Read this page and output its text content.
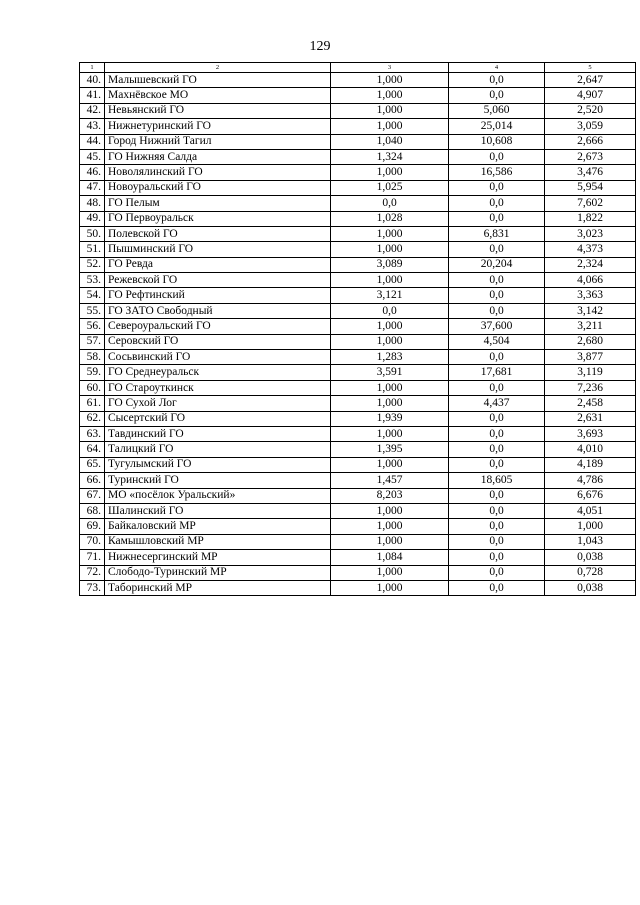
129
1	2	3	4	5
40.	Малышевский ГО	1,000	0,0	2,647
41.	Махнёвское МО	1,000	0,0	4,907
42.	Невьянский ГО	1,000	5,060	2,520
43.	Нижнетуринский ГО	1,000	25,014	3,059
44.	Город Нижний Тагил	1,040	10,608	2,666
45.	ГО Нижняя Салда	1,324	0,0	2,673
46.	Новолялинский ГО	1,000	16,586	3,476
47.	Новоуральский ГО	1,025	0,0	5,954
48.	ГО Пелым	0,0	0,0	7,602
49.	ГО Первоуральск	1,028	0,0	1,822
50.	Полевской ГО	1,000	6,831	3,023
51.	Пышминский ГО	1,000	0,0	4,373
52.	ГО Ревда	3,089	20,204	2,324
53.	Режевской ГО	1,000	0,0	4,066
54.	ГО Рефтинский	3,121	0,0	3,363
55.	ГО ЗАТО Свободный	0,0	0,0	3,142
56.	Североуральский ГО	1,000	37,600	3,211
57.	Серовский ГО	1,000	4,504	2,680
58.	Сосьвинский ГО	1,283	0,0	3,877
59.	ГО Среднеуральск	3,591	17,681	3,119
60.	ГО Староуткинск	1,000	0,0	7,236
61.	ГО Сухой Лог	1,000	4,437	2,458
62.	Сысертский ГО	1,939	0,0	2,631
63.	Тавдинский ГО	1,000	0,0	3,693
64.	Талицкий ГО	1,395	0,0	4,010
65.	Тугулымский ГО	1,000	0,0	4,189
66.	Туринский ГО	1,457	18,605	4,786
67.	МО «посёлок Уральский»	8,203	0,0	6,676
68.	Шалинский ГО	1,000	0,0	4,051
69.	Байкаловский МР	1,000	0,0	1,000
70.	Камышловский МР	1,000	0,0	1,043
71.	Нижнесергинский МР	1,084	0,0	0,038
72.	Слободо-Туринский МР	1,000	0,0	0,728
73.	Таборинский МР	1,000	0,0	0,038
